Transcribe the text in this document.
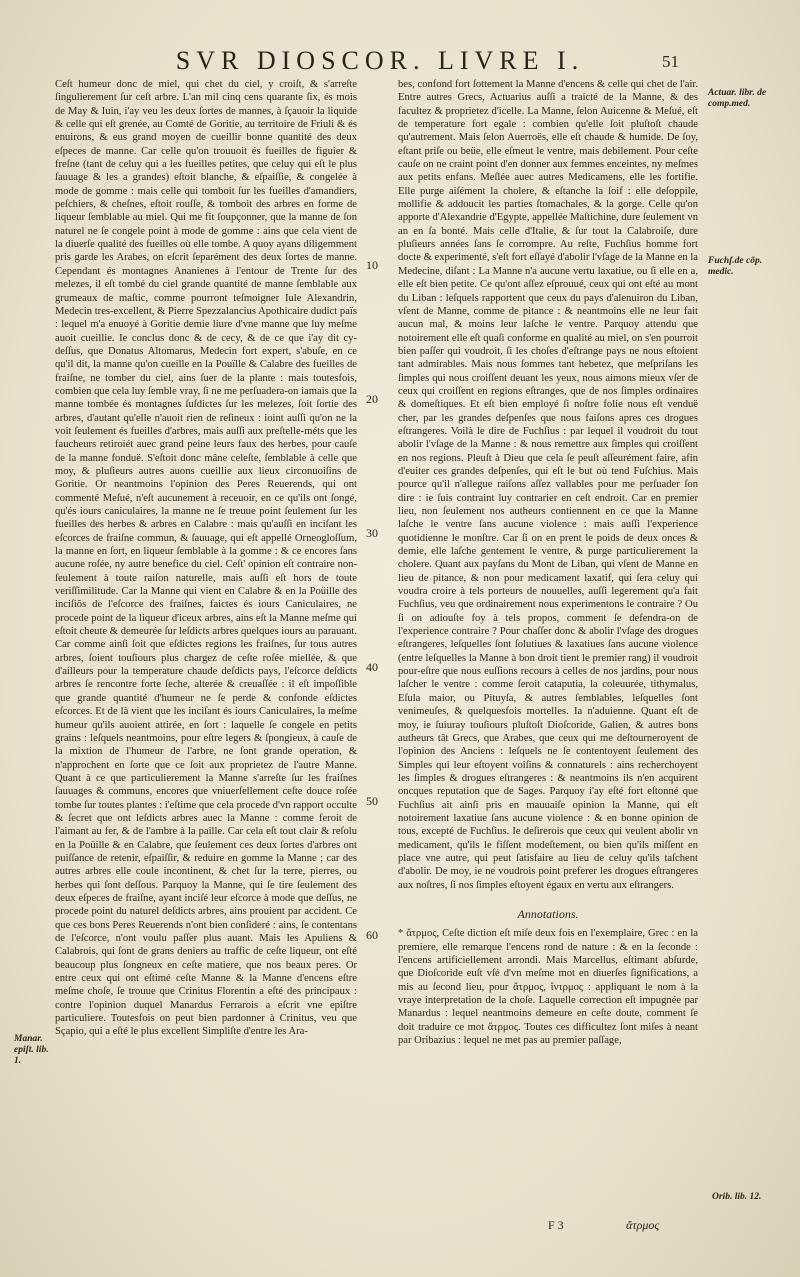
SVR DIOSCOR. LIVRE I.	51

Ceſt humeur donc de miel, qui chet du ciel, y croiſt, & s'arreſte ſingulierement ſur ceſt arbre. L'an mil cinq cens quarante ſix, és mois de May & Iuin, i'ay veu les deux ſortes de mannes, à ſçauoir la liquide & celle qui eſt grenée, au Comté de Goritie, au territoire de Friuli & és enuirons, & eus grand moyen de cueillir bonne quantité des deux eſpeces de manne. Car celle qu'on trouuoit és fueilles de figuier & freſne (tant de celuy qui a les fueilles petites, que celuy qui eſt le plus ſauuage & les a grandes) eſtoit blanche, & eſpaiſſie, & congelée à mode de gomme : mais celle qui tomboit ſur les fueilles d'amandiers, peſchiers, & cheſnes, eſtoit rouſſe, & tomboit des arbres en forme de liqueur ſemblable au miel. Qui me fit ſoupçonner, que la manne de ſon naturel ne ſe congele point à mode de gomme : ains que cela vient de la diuerſe qualité des fueilles où elle tombe. A quoy ayans diligemment pris garde les Arabes, on eſcrit ſeparément des deux ſortes de manne. Cependant és montagnes Ananienes à l'entour de Trente ſur des melezes, il eſt tombé du ciel grande quantité de manne ſemblable aux grumeaux de maſtic, comme pourront teſmoigner Iule Alexandrin, Medecin tres-excellent, & Pierre Spezzalancius Apothicaire dudict païs : lequel m'a enuoyé à Goritie demie liure d'vne manne que luy meſme auoit cueillie. Ie conclus donc & de cecy, & de ce que i'ay dit cy-deſſus, que Donatus Altomarus, Medecin fort expert, s'abuſe, en ce qu'il dit, la manne qu'on cueille en la Pouïlle & Calabre des fueilles de fraiſne, ne tomber du ciel, ains ſuer de la plante : mais toutesfois, combien que cela luy ſemble vray, ſi ne me perſuadera-on iamais que la manne tombée és montagnes ſuſdictes ſur les melezes, ſoit ſortie des arbres, d'autant qu'elle n'auoit rien de reſineux : ioint auſſi qu'on ne la voit ſeulement és fueilles d'arbres, mais auſſi aux preſtelle-méts que les faucheurs retiroiét auec grand peine leurs faux des herbes, pour cauſe de la manne fonduë. S'eſtoit donc mâne celeſte, ſemblable à celle que moy, & pluſieurs autres auons cueillie aux lieux circonuoiſins de Goritie. Or neantmoins l'opinion des Peres Reuerends, qui ont commenté Meſué, n'eſt aucunement à receuoir, en ce qu'ils ont ſongé, qu'és iours caniculaires, la manne ne ſe treuue point ſeulement ſur les fueilles des herbes & arbres en Calabre : mais qu'auſſi en inciſant les eſcorces de fraiſne commun, & ſauuage, qui eſt appellé Orneogloſſum, la manne en ſort, en liqueur ſemblable à la gomme : & ce encores ſans aucune roſée, ny autre benefice du ciel. Ceſt' opinion eſt contraire non-ſeulement à toute raiſon naturelle, mais auſſi eſt hors de toute veriſſimilitude. Car la Manne qui vient en Calabre & en la Poüille des inciſiõs de l'eſcorce des fraiſnes, faictes és iours Caniculaires, ne procede point de la liqueur d'iceux arbres, ains eſt la Manne meſme qui eſtoit cheute & demeurée ſur leſdicts arbres quelques iours au parauant. Car comme ainſi ſoit que eſdictes regions les fraiſnes, ſur tous autres arbres, ſoient touſiours plus chargez de ceſte roſée miellée, & que d'ailleurs pour la temperature chaude deſdicts pays, l'eſcorce deſdicts arbres ſe rencontre forte ſeche, alterée & creuaſſée : il eſt impoſſible que grande quantité d'humeur ne ſe perde & confonde eſdictes eſcorces. Et de là vient que les inciſant és iours Caniculaires, la meſme humeur qu'ils auoient attirée, en ſort : laquelle ſe congele en petits grains : leſquels neantmoins, pour eſtre legers & ſpongieux, à cauſe de la mixtion de l'humeur de l'arbre, ne ſont grande operation, & n'approchent en ſorte que ce ſoit aux proprietez de l'autre Manne. Quant à ce que particulierement la Manne s'arreſte ſur les fraiſnes ſauuages & communs, encores que vniuerſellement ceſte douce roſée tombe ſur toutes plantes : i'eſtime que cela procede d'vn rapport occulte & ſecret que ont leſdicts arbres auec la Manne : comme feroit de l'aimant au fer, & de l'ambre à la paille. Car cela eſt tout clair & reſolu en la Poüille & en Calabre, que ſeulement ces deux ſortes d'arbres ont puiſſance de retenir, eſpaiſſir, & reduire en gomme la Manne ; car des autres arbres elle coule incontinent, & chet ſur la terre, pierres, ou herbes qui ſont deſſous. Parquoy la Manne, qui ſe tire ſeulement des deux eſpeces de fraiſne, ayant inciſé leur eſcorce à mode que deſſus, ne procede point du naturel deſdicts arbres, ains prouient par accident. Ce que ces bons Peres Reuerends n'ont bien conſideré : ains, ſe contentans de l'eſcorce, n'ont voulu paſſer plus auant. Mais les Apuliens & Calabrois, qui ſont de grans deniers au traffic de ceſte liqueur, ont eſté beaucoup plus ſongneux en ceſte matiere, que nos beaux peres. Or entre ceux qui ont eſtimé ceſte Manne & la Manne d'encens eſtre meſme choſe, ſe trouue que Crinitus Florentin a eſté des principaux : contre l'opinion duquel Manardus Ferrarois a eſcrit vne epiſtre particuliere. Toutesfois on peut bien pardonner à Crinitus, veu que Sçapio, qui a eſté le plus excellent Simpliſte d'entre les Ara-

bes, confond fort ſottement la Manne d'encens & celle qui chet de l'air. Entre autres Grecs, Actuarius auſſi a traicté de la Manne, & des facultez & proprietez d'icelle. La Manne, ſelon Auicenne & Meſué, eſt de temperature fort egale : combien qu'elle ſoit pluſtoſt chaude qu'autrement. Mais ſelon Auerroës, elle eſt chaude & humide. De ſoy, eſtant priſe ou beüe, elle eſmeut le ventre, mais debilement. Pour ceſte cauſe on ne craint point d'en donner aux femmes enceintes, ny meſmes aux petits enfans. Meſlée auec autres Medicamens, elle les fortifie. Elle purge aiſément la cholere, & eſtanche la ſoif : elle deſoppile, mollifie & addoucit les parties ſtomachales, & la gorge. Celle qu'on apporte d'Alexandrie d'Egypte, appellée Maſtichine, dure ſeulement vn an en ſa bonté. Mais celle d'Italie, & ſur tout la Calabroiſe, dure pluſieurs années ſans ſe corrompre. Au reſte, Fuchſius homme fort docte & experimenté, s'eſt fort eſſayé d'abolir l'vſage de la Manne en la Medecine, diſant : La Manne n'a aucune vertu laxatiue, ou ſi elle en a, elle eſt bien petite. Ce qu'ont aſſez eſprouué, ceux qui ont eſté au mont du Liban : leſquels rapportent que ceux du pays d'alenuiron du Liban, vſent de Manne, comme de pitance : & neantmoins elle ne leur fait aucun mal, & moins leur laſche le ventre. Parquoy attendu que notoirement elle eſt quaſi conforme en qualité au miel, on s'en pourroit bien paſſer qui voudroit, ſi les choſes d'eſtrange pays ne nous eſtoient tant admirables. Mais nous ſommes tant hebetez, que meſpriſans les ſimples qui nous croiſſent deuant les yeux, nous aimons mieux vſer de ceux qui croiſſent en regions eſtranges, que de nos ſimples ordinaires & domeſtiques. Et eſt bien employé ſi noſtre folie nous eſt venduë cher, par les grandes deſpenſes que nous faiſons apres ces drogues eſtrangeres. Voilà le dire de Fuchſius : par lequel il voudroit du tout abolir l'vſage de la Manne : & nous remettre aux ſimples qui croiſſent en nos regions. Pleuſt à Dieu que cela ſe peuſt aſſeurément faire, afin d'euiter ces grandes deſpenſes, qui eſt le but où tend Fuſchius. Mais pource qu'il n'allegue raiſons aſſez vallables pour me perſuader ſon dire : ie ſuis contraint luy contrarier en ceſt endroit. Car en premier lieu, non ſeulement nos autheurs contiennent en ce que la Manne laſche le ventre ſans aucune violence : mais auſſi l'experience quotidienne le monſtre. Car ſi on en prent le poids de deux onces & demie, elle laſche gentement le ventre, & purge particulierement la cholere. Quant aux payſans du Mont de Liban, qui vſent de Manne en lieu de pitance, & non pour medicament laxatif, qui ſera celuy qui voudra croire à tels porteurs de nouuelles, auſſi legerement qu'a fait Fuchſius, veu que ordinairement nous experimentons le contraire ? Ou ſi on adiouſte foy à tels propos, comment ſe defendra-on de l'experience contraire ? Pour chaſſer donc & abolir l'vſage des drogues eſtrangeres, leſquelles ſont ſolutiues & laxatiues ſans aucune violence (entre leſquelles la Manne à bon droit tient le premier rang) il voudroit pour-eſtre que nous euſſions recours à celles de nos jardins, pour nous laſcher le ventre : comme ſeroit cataputia, la coleuurée, tithymalus, Eſula maior, ou Pituyſa, & autres ſemblables, leſquelles ſont venimeuſes, & quelquesfois mortelles. Ia n'aduienne. Quant eſt de moy, ie ſuiuray touſiours pluſtoſt Dioſcoride, Galien, & autres bons autheurs tât Grecs, que Arabes, que ceux qui me deſtourneroyent de l'opinion des Anciens : leſquels ne ſe contentoyent ſeulement des Simples qui leur eſtoyent voiſins & connaturels : ains recherchoyent les ſimples & drogues eſtrangeres : & neantmoins ils n'en acquirent oncques reputation que de Sages. Parquoy i'ay eſté fort eſtonné que Fuchſius ait ainſi pris en mauuaiſe opinion la Manne, qui eſt notoirement laxatiue ſans aucune violence : & en bonne opinion de tous, excepté de Fuchſius. Ie deſirerois que ceux qui veulent abolir vn medicament, qu'ils le fiſſent modeſtement, ou bien qu'ils miſſent en place vne autre, qui peut ſatisfaire au lieu de celuy qu'ils taſchent d'abolir. De moy, ie ne voudrois point preferer les drogues eſtrangeres aux noſtres, ſi nos ſimples eſtoyent égaux en vertu aux eſtrangers.

Annotations.

* ἄτρμος, Ceſte diction eſt miſe deux fois en l'exemplaire, Grec : en la premiere, elle remarque l'encens rond de nature : & en la ſeconde : l'encens artificiellement arrondi. Mais Marcellus, eſtimant abſurde, que Dioſcoride euſt vſé d'vn meſme mot en diuerſes ſignifications, a mis au ſecond lieu, pour ἄτρμος, ἴντρμος : appliquant le nom à la vraye interpretation de la choſe. Laquelle correction eſt impugnée par Manardus : lequel neantmoins demeure en ceſte doute, comment ſe doit traduire ce mot ἄτρμος. Toutes ces difficultez ſont miſes à neant par Oribazius : lequel ne met pas au premier paſſage,

10
20
30
40
50
60
Actuar. libr. de comp.med.
Fuchſ.de cõp. medic.
Manar. epiſt. lib. 1.
Orib. lib. 12.
F 3	ἄτρμος
